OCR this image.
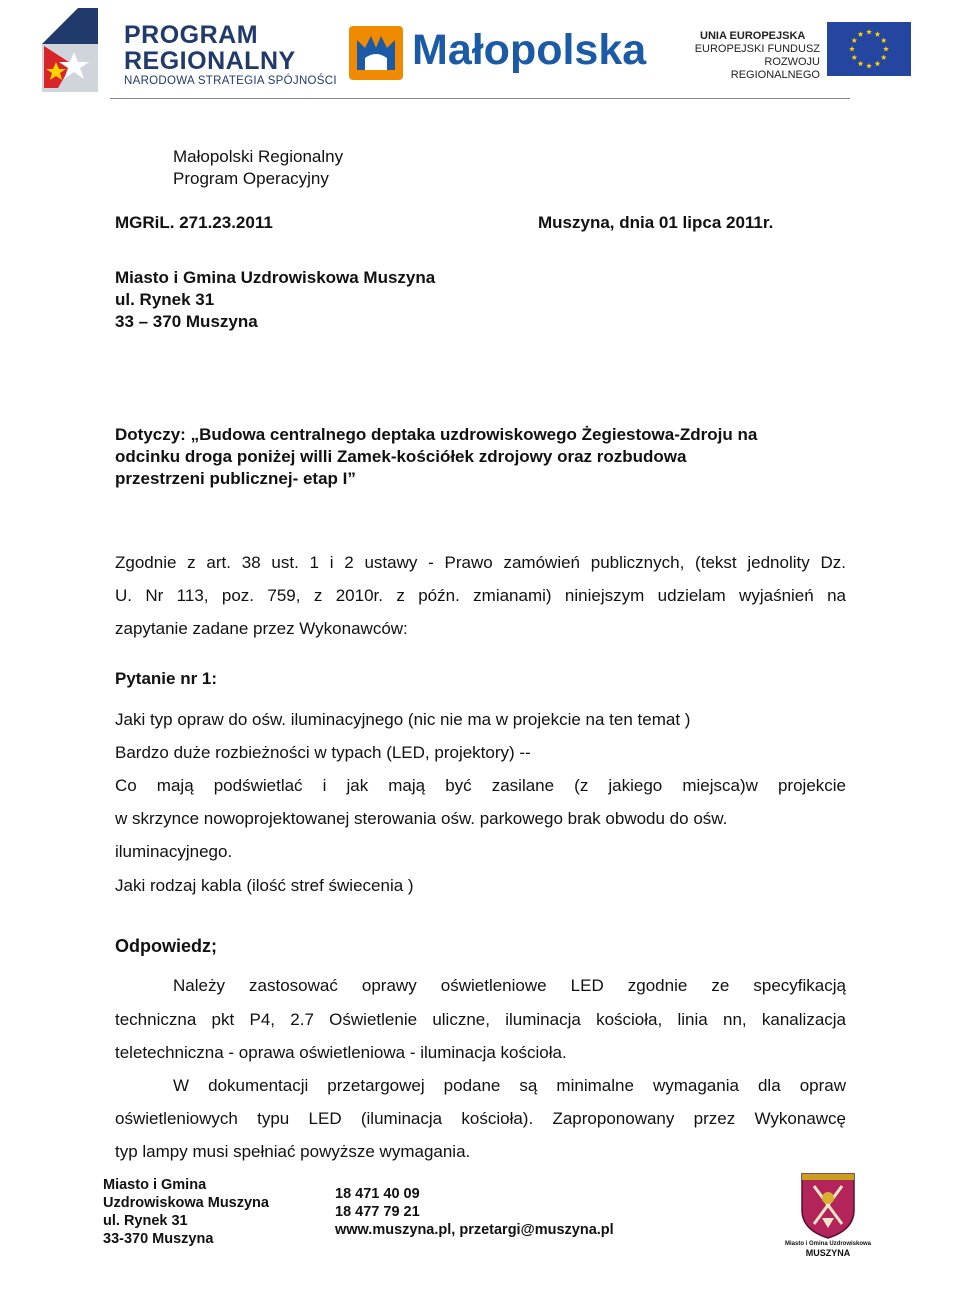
PROGRAM
REGIONALNY
NARODOWA STRATEGIA SPÓJNOŚCI
Małopolska	UNIA EUROPEJSKA
EUROPEJSKI FUNDUSZ
ROZWOJU REGIONALNEGO
Małopolski Regionalny
Program Operacyjny
MGRiL. 271.23.2011	Muszyna, dnia 01 lipca 2011r.
Miasto i Gmina Uzdrowiskowa Muszyna
ul. Rynek 31
33 – 370 Muszyna
Dotyczy: „Budowa centralnego deptaka uzdrowiskowego Żegiestowa-Zdroju na
odcinku droga poniżej willi Zamek-kościółek zdrojowy oraz rozbudowa
przestrzeni publicznej- etap I”
Zgodnie z art. 38 ust. 1 i 2 ustawy - Prawo zamówień publicznych, (tekst jednolity Dz.
U. Nr 113, poz. 759, z 2010r. z późn. zmianami) niniejszym udzielam wyjaśnień na
zapytanie zadane przez Wykonawców:
Pytanie nr 1:
Jaki typ opraw do ośw. iluminacyjnego (nic nie ma w projekcie na ten temat )
Bardzo duże rozbieżności w typach (LED, projektory) --
Co mają podświetlać i jak mają być zasilane (z jakiego miejsca)w projekcie
w skrzynce nowoprojektowanej sterowania ośw. parkowego brak obwodu do ośw.
iluminacyjnego.
Jaki rodzaj kabla (ilość stref świecenia )
Odpowiedz;
Należy zastosować oprawy oświetleniowe LED zgodnie ze specyfikacją
techniczna pkt P4, 2.7 Oświetlenie uliczne, iluminacja kościoła, linia nn, kanalizacja
teletechniczna - oprawa oświetleniowa - iluminacja kościoła.
W dokumentacji przetargowej podane są minimalne wymagania dla opraw
oświetleniowych typu LED (iluminacja kościoła). Zaproponowany przez Wykonawcę
typ lampy musi spełniać powyższe wymagania.
Miasto i Gmina
Uzdrowiskowa Muszyna
ul. Rynek 31
33-370 Muszyna
18 471 40 09
18 477 79 21
www.muszyna.pl, przetargi@muszyna.pl
Miasto i Gmina Uzdrowiskowa
MUSZYNA
